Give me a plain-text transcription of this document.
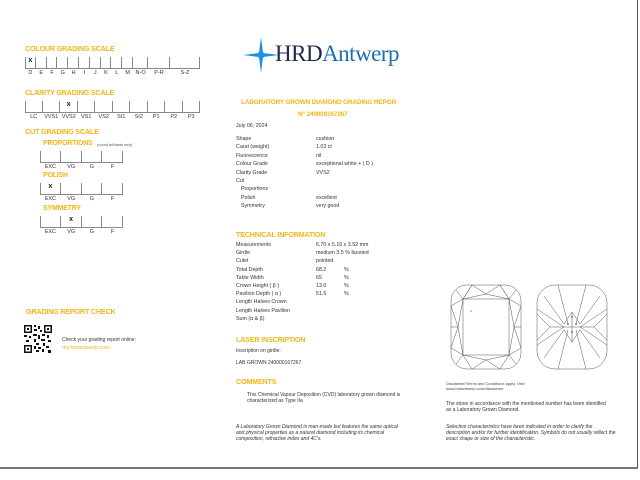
COLOUR GRADING SCALE
x
D E F G H I J K L M N-O P-R	S-Z
CLARITY GRADING SCALE
x
LC VVS1 VVS2 VS1 VS2 SI1 SI2 P1 P2 P3
CUT GRADING SCALE
PROPORTIONS (round brilliants only)
EXC VG	G	F
POLISH
x
EXC VG	G	F
SYMMETRY
x
EXC VG	G	F
GRADING REPORT CHECK
Check your grading report online:
my.hrdantwerp.com
HRDAntwerp
LABORATORY GROWN DIAMOND GRADING REPOR
N° 240000167267
July 06, 2024
Shape	cushion
Carat (weight)	1.03 ct
Fluorescence	nil
Colour Grade	exceptional white + ( D )
Clarity Grade	VVS2
Cut
Proportions
Polish	excellent
Symmetry	very good
TECHNICAL INFORMATION
Measurements	6.70 x 5.16 x 3.52 mm
Girdle	medium 3.5 % faceted
Culet	pointed
Total Depth	68.2	%
Table Width	65	%
Crown Height ( β )	13.0	%
Pavilion Depth ( α )	51.5	%
Length Halves Crown
Length Halves Pavilion
Sum (α & β)
LASER INSCRIPTION
Inscription on girdle:
LAB GROWN 240000167267
COMMENTS
This Chemical Vapour Deposition (CVD) laboratory grown diamond is characterized as Type IIa
A Laboratory Grown Diamond is man-made but features the same optical and physical properties as a natural diamond including its chemical composition, refractive index and 4C's.
cr
Disclaimer/Terms and Conditions apply. Visit
www.hrdantwerp.com/disclaimer
The stone in accordance with the mentioned number has been identified as a Laboratory Grown Diamond.
Selective characteristics have been indicated in order to clarify the description and/or for further identification. Symbols do not usually reflect the exact shape or size of the characteristic.
